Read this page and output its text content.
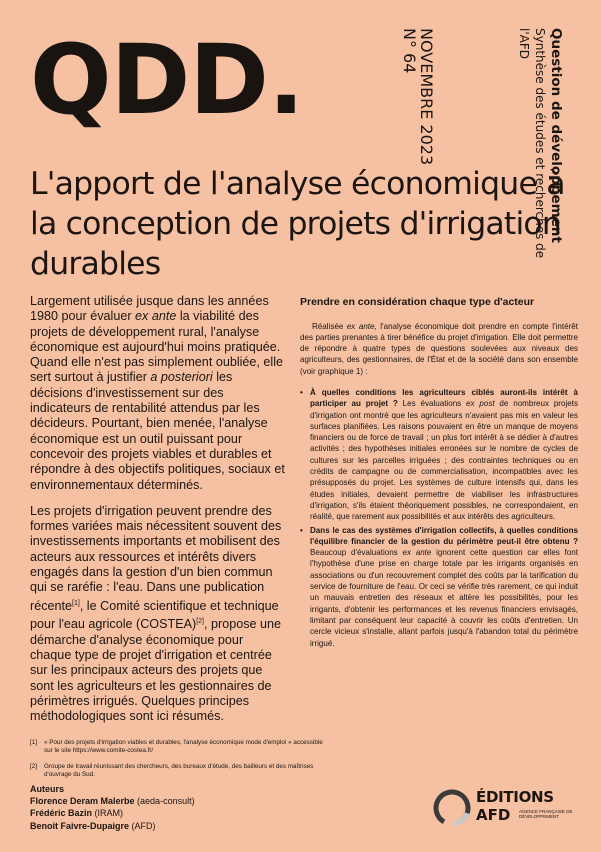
QDD.	Question de développement
Synthèse des études et recherches de l'AFD
NOVEMBRE 2023
N° 64
L'apport de l'analyse économique à la conception de projets d'irrigation durables

Largement utilisée jusque dans les années 1980 pour évaluer ex ante la viabilité des projets de développement rural, l'analyse économique est aujourd'hui moins pratiquée. Quand elle n'est pas simplement oubliée, elle sert surtout à justifier a posteriori les décisions d'investissement sur des indicateurs de rentabilité attendus par les décideurs. Pourtant, bien menée, l'analyse économique est un outil puissant pour concevoir des projets viables et durables et répondre à des objectifs politiques, sociaux et environnementaux déterminés.

Les projets d'irrigation peuvent prendre des formes variées mais nécessitent souvent des investissements importants et mobilisent des acteurs aux ressources et intérêts divers engagés dans la gestion d'un bien commun qui se raréfie : l'eau. Dans une publication récente[1], le Comité scientifique et technique pour l'eau agricole (COSTEA)[2], propose une démarche d'analyse économique pour chaque type de projet d'irrigation et centrée sur les principaux acteurs des projets que sont les agriculteurs et les gestionnaires de périmètres irrigués. Quelques principes méthodologiques sont ici résumés.

Prendre en considération chaque type d'acteur

Réalisée ex ante, l'analyse économique doit prendre en compte l'intérêt des parties prenantes à tirer bénéfice du projet d'irrigation. Elle doit permettre de répondre à quatre types de questions soulevées aux niveaux des agriculteurs, des gestionnaires, de l'État et de la société dans son ensemble (voir graphique 1) :

• À quelles conditions les agriculteurs ciblés auront-ils intérêt à participer au projet ? Les évaluations ex post de nombreux projets d'irrigation ont montré que les agriculteurs n'avaient pas mis en valeur les surfaces planifiées. Les raisons pouvaient en être un manque de moyens financiers ou de force de travail ; un plus fort intérêt à se dédier à d'autres activités ; des hypothèses initiales erronées sur le nombre de cycles de cultures sur les parcelles irriguées ; des contraintes techniques ou en crédits de campagne ou de commercialisation, incompatibles avec les présupposés du projet. Les systèmes de culture intensifs qui, dans les études initiales, devaient permettre de viabiliser les infrastructures d'irrigation, s'ils étaient théoriquement possibles, ne correspondaient, en réalité, que rarement aux possibilités et aux intérêts des agriculteurs.
• Dans le cas des systèmes d'irrigation collectifs, à quelles conditions l'équilibre financier de la gestion du périmètre peut-il être obtenu ? Beaucoup d'évaluations ex ante ignorent cette question car elles font l'hypothèse d'une prise en charge totale par les irrigants organisés en associations ou d'un recouvrement complet des coûts par la tarification du service de fourniture de l'eau. Or ceci se vérifie très rarement, ce qui induit un mauvais entretien des réseaux et altère les possibilités, pour les irrigants, d'obtenir les performances et les revenus financiers envisagés, limitant par conséquent leur capacité à couvrir les coûts d'entretien. Un cercle vicieux s'installe, allant parfois jusqu'à l'abandon total du périmètre irrigué.
[1]	« Pour des projets d'irrigation viables et durables, l'analyse économique mode d'emploi » accessible sur le site https://www.comite-costea.fr/
[2]	Groupe de travail réunissant des chercheurs, des bureaux d'étude, des bailleurs et des maîtrises d'ouvrage du Sud.
Auteurs
Florence Deram Malerbe (aeda-consult)
Frédéric Bazin (IRAM)
Benoit Faivre-Dupaigre (AFD)
ÉDITIONS
AFD AGENCE FRANÇAISE DE DÉVELOPPEMENT
